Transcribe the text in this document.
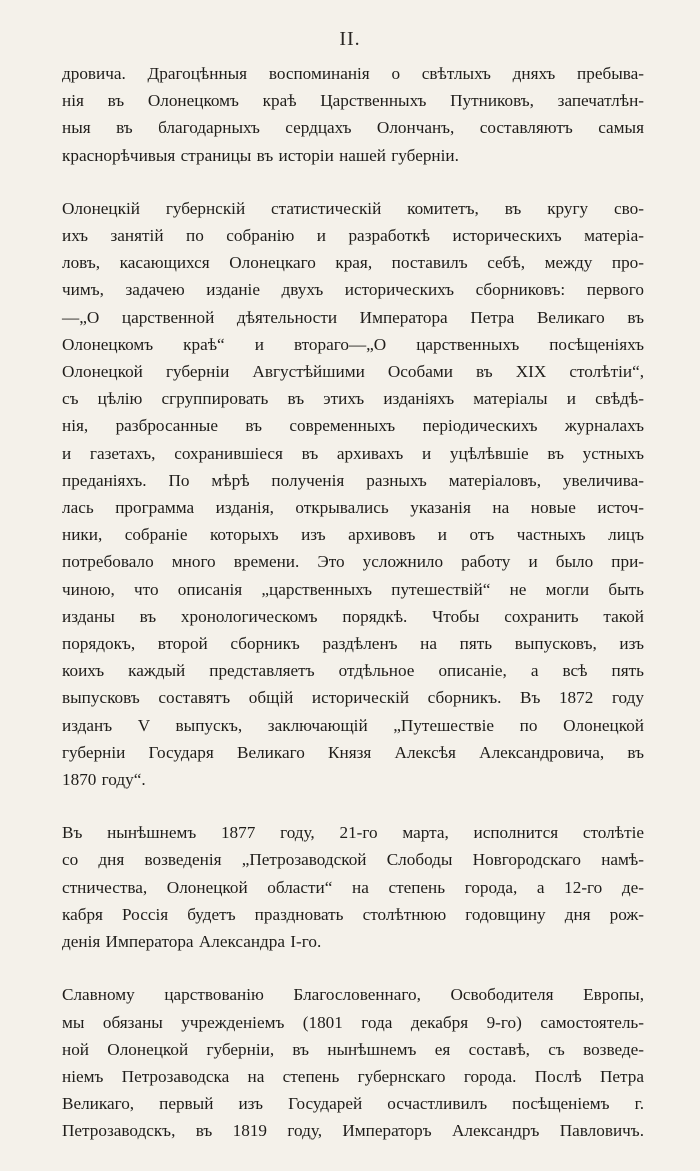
II.

дровича. Драгоцѣнныя воспоминанія о свѣтлыхъ дняхъ пребыва-
нія въ Олонецкомъ краѣ Царственныхъ Путниковъ, запечатлѣн-
ныя въ благодарныхъ сердцахъ Олончанъ, составляютъ самыя
краснорѣчивыя страницы въ исторіи нашей губерніи.

Олонецкій губернскій статистическій комитетъ, въ кругу сво-
ихъ занятій по собранію и разработкѣ историческихъ матеріа-
ловъ, касающихся Олонецкаго края, поставилъ себѣ, между про-
чимъ, задачею изданіе двухъ историческихъ сборниковъ: первого
—„О царственной дѣятельности Императора Петра Великаго въ
Олонецкомъ краѣ“ и втораго—„О царственныхъ посѣщеніяхъ
Олонецкой губерніи Августѣйшими Особами въ XIX столѣтіи“,
съ цѣлію сгруппировать въ этихъ изданіяхъ матеріалы и свѣдѣ-
нія, разбросанные въ современныхъ періодическихъ журналахъ
и газетахъ, сохранившіеся въ архивахъ и уцѣлѣвшіе въ устныхъ
преданіяхъ. По мѣрѣ полученія разныхъ матеріаловъ, увеличива-
лась программа изданія, открывались указанія на новые источ-
ники, собраніе которыхъ изъ архивовъ и отъ частныхъ лицъ
потребовало много времени. Это усложнило работу и было при-
чиною, что описанія „царственныхъ путешествій“ не могли быть
изданы въ хронологическомъ порядкѣ. Чтобы сохранить такой
порядокъ, второй сборникъ раздѣленъ на пять выпусковъ, изъ
коихъ каждый представляетъ отдѣльное описаніе, а всѣ пять
выпусковъ составятъ общій историческій сборникъ. Въ 1872 году
изданъ V выпускъ, заключающій „Путешествіе по Олонецкой
губерніи Государя Великаго Князя Алексѣя Александровича, въ
1870 году“.

Въ нынѣшнемъ 1877 году, 21-го марта, исполнится столѣтіе
со дня возведенія „Петрозаводской Слободы Новгородскаго намѣ-
стничества, Олонецкой области“ на степень города, а 12-го де-
кабря Россія будетъ праздновать столѣтнюю годовщину дня рож-
денія Императора Александра I-го.

Славному царствованію Благословеннаго, Освободителя Европы,
мы обязаны учрежденіемъ (1801 года декабря 9-го) самостоятель-
ной Олонецкой губерніи, въ нынѣшнемъ ея составѣ, съ возведе-
ніемъ Петрозаводска на степень губернскаго города. Послѣ Петра
Великаго, первый изъ Государей осчастливилъ посѣщеніемъ г.
Петрозаводскъ, въ 1819 году, Императоръ Александръ Павловичъ.
